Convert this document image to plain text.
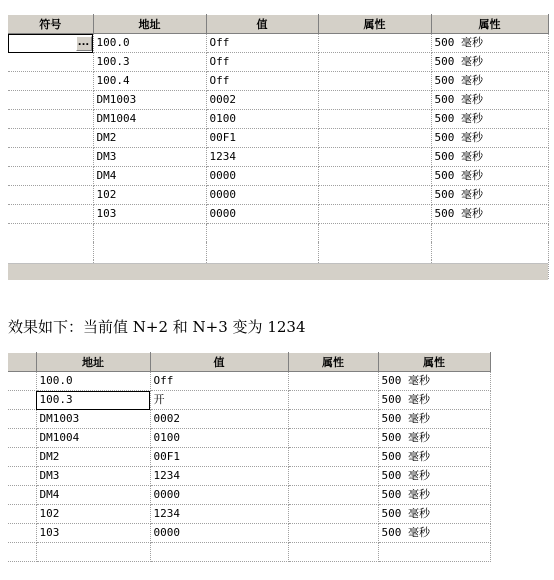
符号	地址	值	属性	属性

...	100.0	Off		500 毫秒
	100.3	Off		500 毫秒
	100.4	Off		500 毫秒
	DM1003	0002		500 毫秒
	DM1004	0100		500 毫秒
	DM2	00F1		500 毫秒
	DM3	1234		500 毫秒
	DM4	0000		500 毫秒
	102	0000		500 毫秒
	103	0000		500 毫秒

效果如下：当前值 N+2 和 N+3 变为 1234
	地址	值	属性	属性
	100.0	Off		500 毫秒
	100.3	开		500 毫秒
	DM1003	0002		500 毫秒
	DM1004	0100		500 毫秒
	DM2	00F1		500 毫秒
	DM3	1234		500 毫秒
	DM4	0000		500 毫秒
	102	1234		500 毫秒
	103	0000		500 毫秒
